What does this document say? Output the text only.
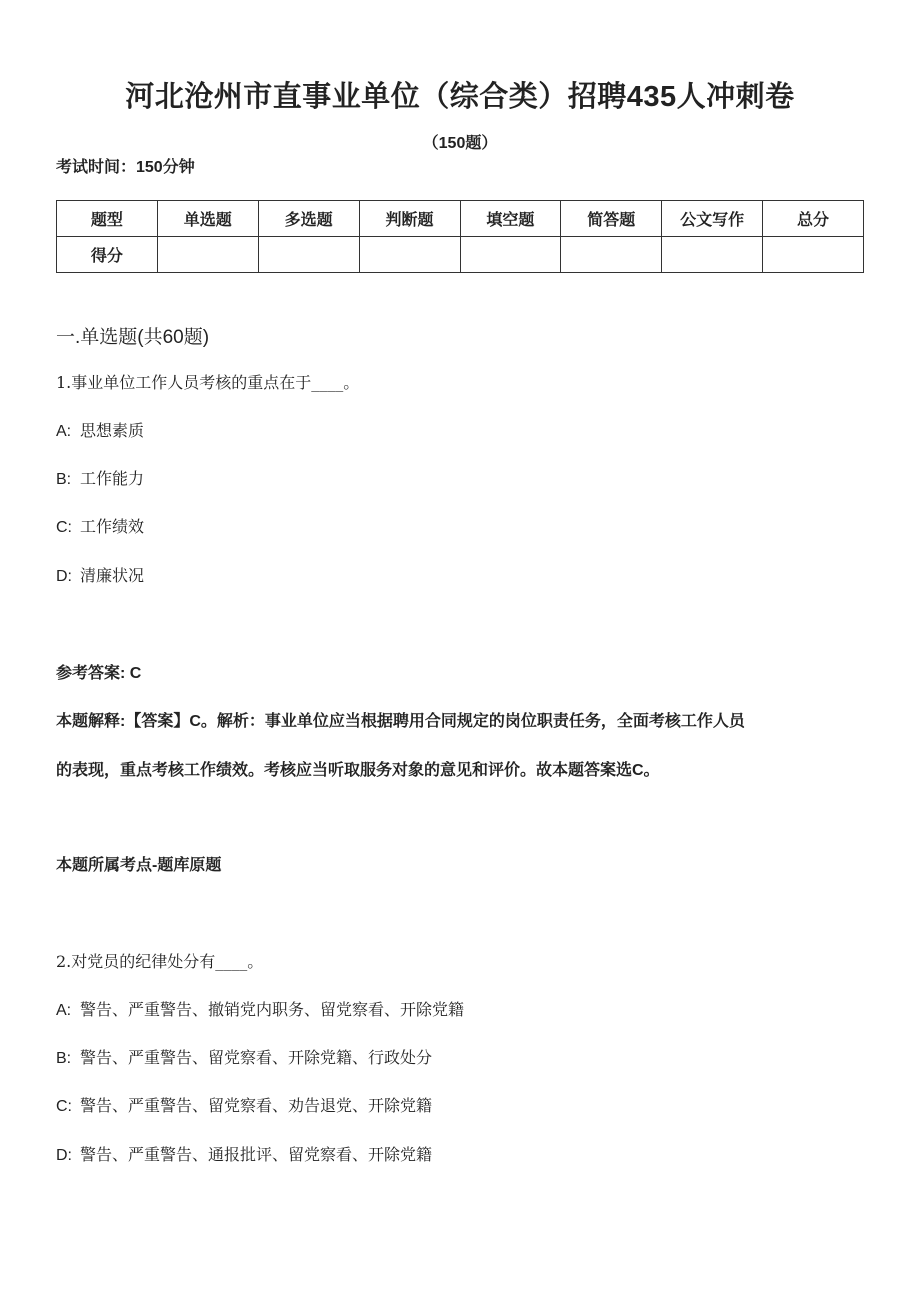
河北沧州市直事业单位（综合类）招聘435人冲刺卷
（150题）
考试时间：150分钟
题型	单选题	多选题	判断题	填空题	简答题	公文写作	总分
得分							
一.单选题(共60题)
1.事业单位工作人员考核的重点在于____。
A: 思想素质
B: 工作能力
C: 工作绩效
D: 清廉状况
参考答案: C
本题解释:【答案】C。解析：事业单位应当根据聘用合同规定的岗位职责任务，全面考核工作人员
的表现，重点考核工作绩效。考核应当听取服务对象的意见和评价。故本题答案选C。
本题所属考点-题库原题
2.对党员的纪律处分有____。
A: 警告、严重警告、撤销党内职务、留党察看、开除党籍
B: 警告、严重警告、留党察看、开除党籍、行政处分
C: 警告、严重警告、留党察看、劝告退党、开除党籍
D: 警告、严重警告、通报批评、留党察看、开除党籍
